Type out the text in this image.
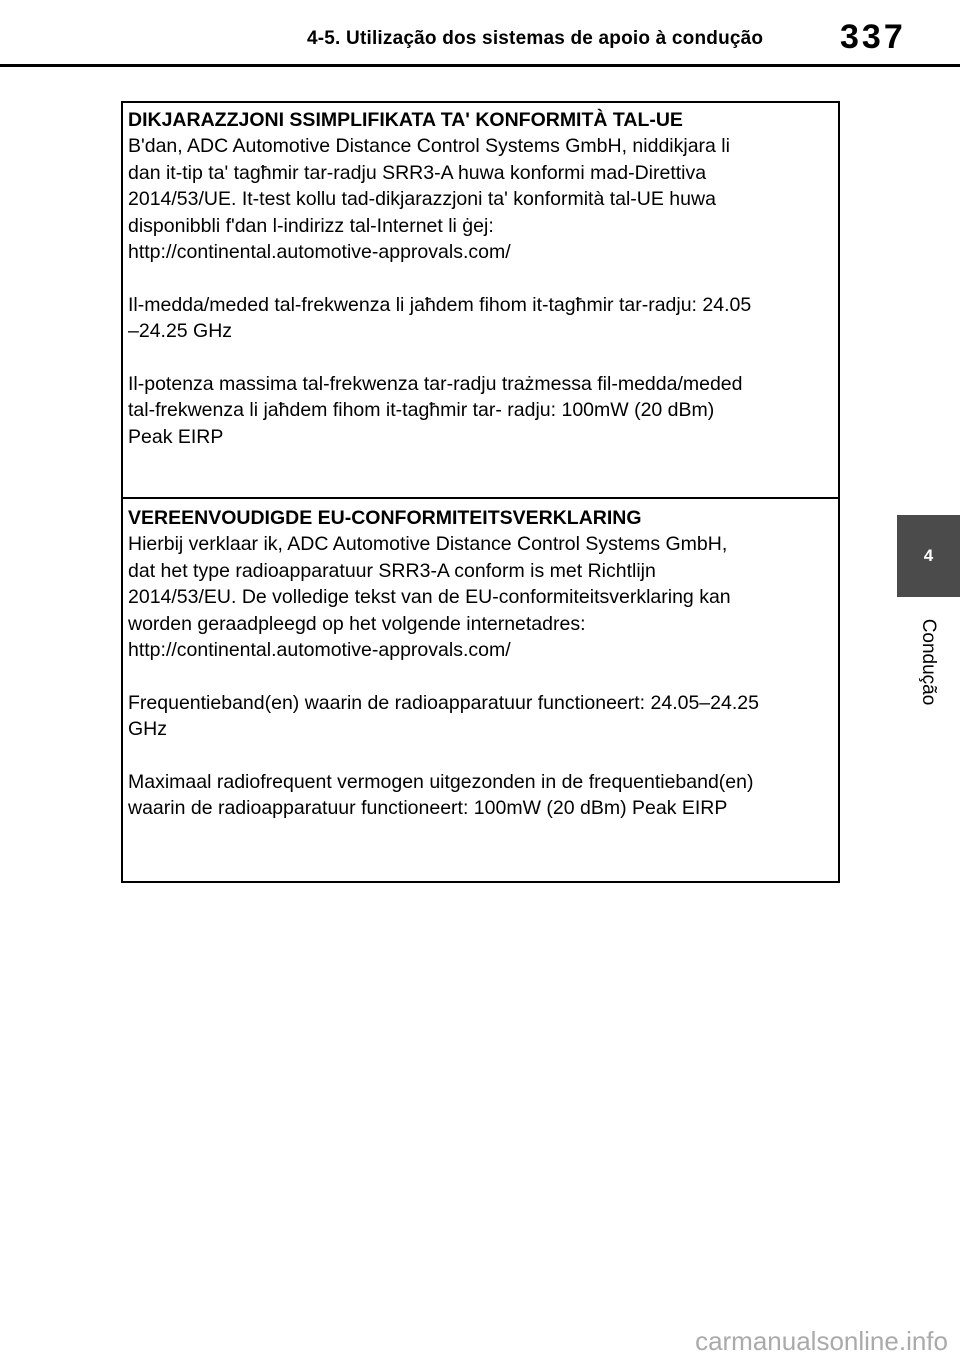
4-5. Utilização dos sistemas de apoio à condução 337
4
Condução
DIKJARAZZJONI SSIMPLIFIKATA TA' KONFORMITÀ TAL-UE

B'dan, ADC Automotive Distance Control Systems GmbH, niddikjara li

dan it-tip ta' tagħmir tar-radju SRR3-A huwa konformi mad-Direttiva

2014/53/UE. It-test kollu tad-dikjarazzjoni ta' konformità tal-UE huwa

disponibbli f'dan l-indirizz tal-Internet li ġej:

http://continental.automotive-approvals.com/

Il-medda/meded tal-frekwenza li jaħdem fihom it-tagħmir tar-radju: 24.05

–24.25 GHz

Il-potenza massima tal-frekwenza tar-radju trażmessa fil-medda/meded

tal-frekwenza li jaħdem fihom it-tagħmir tar- radju: 100mW (20 dBm)

Peak EIRP

VEREENVOUDIGDE EU-CONFORMITEITSVERKLARING

Hierbij verklaar ik, ADC Automotive Distance Control Systems GmbH,

dat het type radioapparatuur SRR3-A conform is met Richtlijn

2014/53/EU. De volledige tekst van de EU-conformiteitsverklaring kan

worden geraadpleegd op het volgende internetadres:

http://continental.automotive-approvals.com/

Frequentieband(en) waarin de radioapparatuur functioneert: 24.05–24.25

GHz

Maximaal radiofrequent vermogen uitgezonden in de frequentieband(en)

waarin de radioapparatuur functioneert: 100mW (20 dBm) Peak EIRP

carmanualsonline.info
